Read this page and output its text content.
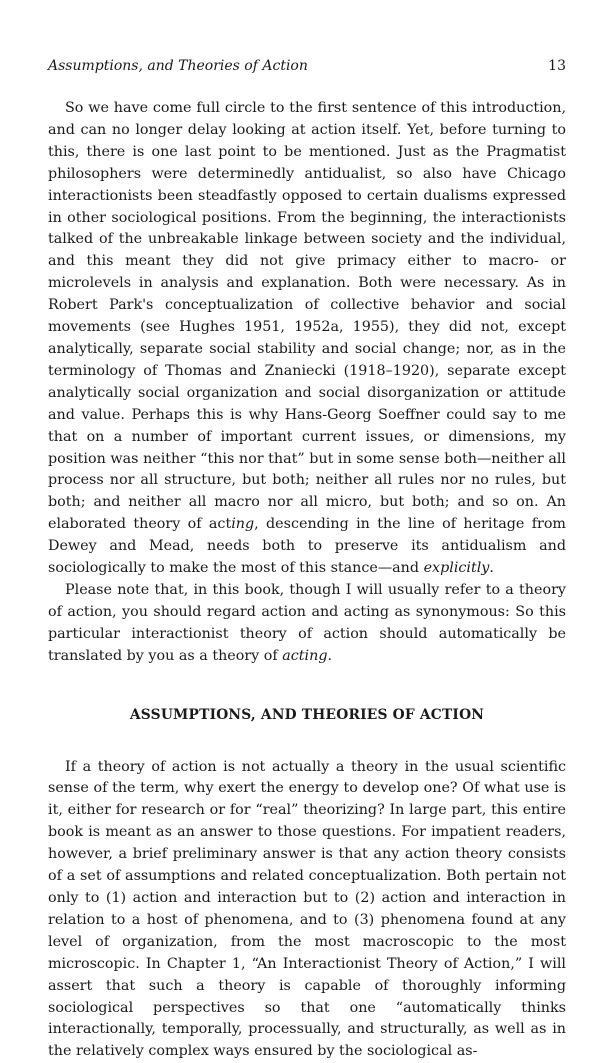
Assumptions, and Theories of Action	13

So we have come full circle to the first sentence of this introduction, and can no longer delay looking at action itself. Yet, before turning to this, there is one last point to be mentioned. Just as the Pragmatist philosophers were determinedly antidualist, so also have Chicago interactionists been steadfastly opposed to certain dualisms expressed in other sociological positions. From the beginning, the interactionists talked of the unbreakable linkage between society and the individual, and this meant they did not give primacy either to macro- or microlevels in analysis and explanation. Both were necessary. As in Robert Park's conceptualization of collective behavior and social movements (see Hughes 1951, 1952a, 1955), they did not, except analytically, separate social stability and social change; nor, as in the terminology of Thomas and Znaniecki (1918–1920), separate except analytically social organization and social disorganization or attitude and value. Perhaps this is why Hans-Georg Soeffner could say to me that on a number of important current issues, or dimensions, my position was neither “this nor that” but in some sense both—neither all process nor all structure, but both; neither all rules nor no rules, but both; and neither all macro nor all micro, but both; and so on. An elaborated theory of acting, descending in the line of heritage from Dewey and Mead, needs both to preserve its antidualism and sociologically to make the most of this stance—and explicitly.

Please note that, in this book, though I will usually refer to a theory of action, you should regard action and acting as synonymous: So this particular interactionist theory of action should automatically be translated by you as a theory of acting.

ASSUMPTIONS, AND THEORIES OF ACTION

If a theory of action is not actually a theory in the usual scientific sense of the term, why exert the energy to develop one? Of what use is it, either for research or for “real” theorizing? In large part, this entire book is meant as an answer to those questions. For impatient readers, however, a brief preliminary answer is that any action theory consists of a set of assumptions and related conceptualization. Both pertain not only to (1) action and interaction but to (2) action and interaction in relation to a host of phenomena, and to (3) phenomena found at any level of organization, from the most macroscopic to the most microscopic. In Chapter 1, “An Interactionist Theory of Action,” I will assert that such a theory is capable of thoroughly informing sociological perspectives so that one “automatically thinks interactionally, temporally, processually, and structurally, as well as in the relatively complex ways ensured by the sociological as-
